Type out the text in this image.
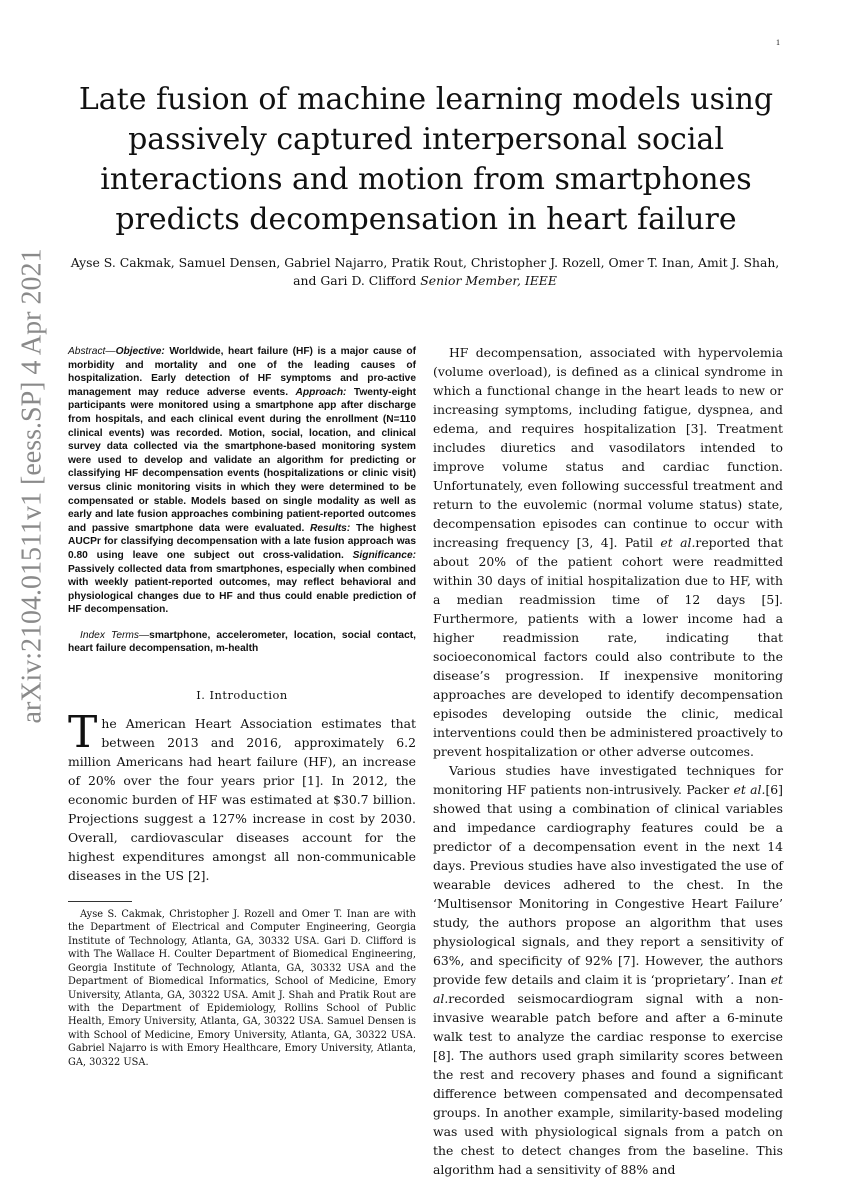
1
arXiv:2104.01511v1 [eess.SP] 4 Apr 2021
Late fusion of machine learning models using passively captured interpersonal social interactions and motion from smartphones predicts decompensation in heart failure

Ayse S. Cakmak, Samuel Densen, Gabriel Najarro, Pratik Rout, Christopher J. Rozell, Omer T. Inan, Amit J. Shah, and Gari D. Clifford Senior Member, IEEE

Abstract—Objective: Worldwide, heart failure (HF) is a major cause of morbidity and mortality and one of the leading causes of hospitalization. Early detection of HF symptoms and pro-active management may reduce adverse events. Approach: Twenty-eight participants were monitored using a smartphone app after discharge from hospitals, and each clinical event during the enrollment (N=110 clinical events) was recorded. Motion, social, location, and clinical survey data collected via the smartphone-based monitoring system were used to develop and validate an algorithm for predicting or classifying HF decompensation events (hospitalizations or clinic visit) versus clinic monitoring visits in which they were determined to be compensated or stable. Models based on single modality as well as early and late fusion approaches combining patient-reported outcomes and passive smartphone data were evaluated. Results: The highest AUCPr for classifying decompensation with a late fusion approach was 0.80 using leave one subject out cross-validation. Significance: Passively collected data from smartphones, especially when combined with weekly patient-reported outcomes, may reflect behavioral and physiological changes due to HF and thus could enable prediction of HF decompensation.

Index Terms—smartphone, accelerometer, location, social contact, heart failure decompensation, m-health

I. Introduction

The American Heart Association estimates that between 2013 and 2016, approximately 6.2 million Americans had heart failure (HF), an increase of 20% over the four years prior [1]. In 2012, the economic burden of HF was estimated at $30.7 billion. Projections suggest a 127% increase in cost by 2030. Overall, cardiovascular diseases account for the highest expenditures amongst all non-communicable diseases in the US [2].

Ayse S. Cakmak, Christopher J. Rozell and Omer T. Inan are with the Department of Electrical and Computer Engineering, Georgia Institute of Technology, Atlanta, GA, 30332 USA. Gari D. Clifford is with The Wallace H. Coulter Department of Biomedical Engineering, Georgia Institute of Technology, Atlanta, GA, 30332 USA and the Department of Biomedical Informatics, School of Medicine, Emory University, Atlanta, GA, 30322 USA. Amit J. Shah and Pratik Rout are with the Department of Epidemiology, Rollins School of Public Health, Emory University, Atlanta, GA, 30322 USA. Samuel Densen is with School of Medicine, Emory University, Atlanta, GA, 30322 USA. Gabriel Najarro is with Emory Healthcare, Emory University, Atlanta, GA, 30322 USA.

HF decompensation, associated with hypervolemia (volume overload), is defined as a clinical syndrome in which a functional change in the heart leads to new or increasing symptoms, including fatigue, dyspnea, and edema, and requires hospitalization [3]. Treatment includes diuretics and vasodilators intended to improve volume status and cardiac function. Unfortunately, even following successful treatment and return to the euvolemic (normal volume status) state, decompensation episodes can continue to occur with increasing frequency [3, 4]. Patil et al.reported that about 20% of the patient cohort were readmitted within 30 days of initial hospitalization due to HF, with a median readmission time of 12 days [5]. Furthermore, patients with a lower income had a higher readmission rate, indicating that socioeconomical factors could also contribute to the disease’s progression. If inexpensive monitoring approaches are developed to identify decompensation episodes developing outside the clinic, medical interventions could then be administered proactively to prevent hospitalization or other adverse outcomes.

Various studies have investigated techniques for monitoring HF patients non-intrusively. Packer et al.[6] showed that using a combination of clinical variables and impedance cardiography features could be a predictor of a decompensation event in the next 14 days. Previous studies have also investigated the use of wearable devices adhered to the chest. In the ‘Multisensor Monitoring in Congestive Heart Failure’ study, the authors propose an algorithm that uses physiological signals, and they report a sensitivity of 63%, and specificity of 92% [7]. However, the authors provide few details and claim it is ‘proprietary’. Inan et al.recorded seismocardiogram signal with a non-invasive wearable patch before and after a 6-minute walk test to analyze the cardiac response to exercise [8]. The authors used graph similarity scores between the rest and recovery phases and found a significant difference between compensated and decompensated groups. In another example, similarity-based modeling was used with physiological signals from a patch on the chest to detect changes from the baseline. This algorithm had a sensitivity of 88% and
